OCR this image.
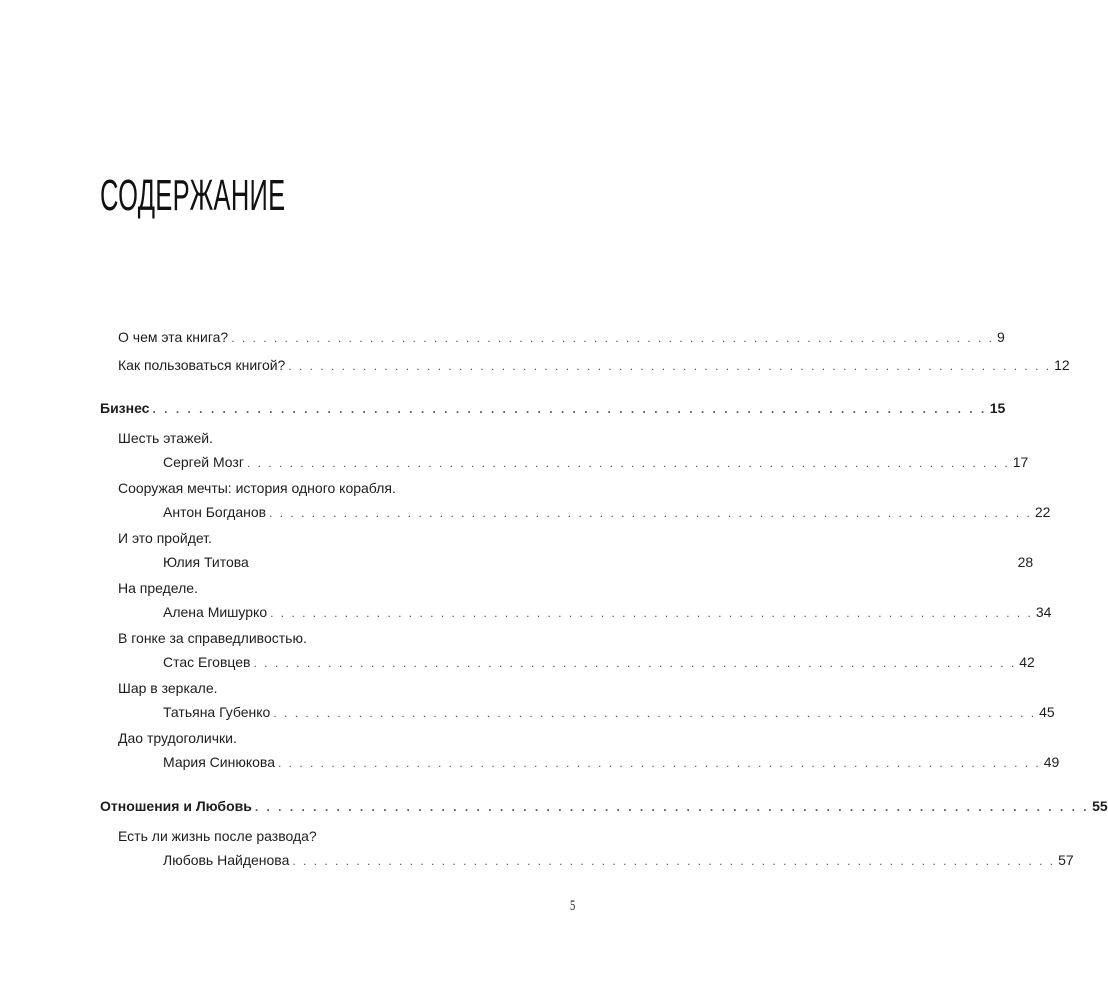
СОДЕРЖАНИЕ
О чем эта книга? . . . . . . . . . . . . . . . . . . . . . . . . . . . . . . . . . . . . . . . . . . . . . . . . . . . . . . . . . . . . . . . . . . . . . . . . 9
Как пользоваться книгой? . . . . . . . . . . . . . . . . . . . . . . . . . . . . . . . . . . . . . . . . . . . . . . . . . . . . . . . . . . . . . . . . . . . . . . . . 12
Бизнес . . . . . . . . . . . . . . . . . . . . . . . . . . . . . . . . . . . . . . . . . . . . . . . . . . . . . . . . . . . . . . . . . . . . . . . . 15
Шесть этажей.
Сергей Мозг . . . . . . . . . . . . . . . . . . . . . . . . . . . . . . . . . . . . . . . . . . . . . . . . . . . . . . . . . . . . . . . . . . . . . . . . 17
Сооружая мечты: история одного корабля.
Антон Богданов . . . . . . . . . . . . . . . . . . . . . . . . . . . . . . . . . . . . . . . . . . . . . . . . . . . . . . . . . . . . . . . . . . . . . . . . 22
И это пройдет.
Юлия Титова	28
На пределе.
Алена Мишурко . . . . . . . . . . . . . . . . . . . . . . . . . . . . . . . . . . . . . . . . . . . . . . . . . . . . . . . . . . . . . . . . . . . . . . . . 34
В гонке за справедливостью.
Стас Еговцев . . . . . . . . . . . . . . . . . . . . . . . . . . . . . . . . . . . . . . . . . . . . . . . . . . . . . . . . . . . . . . . . . . . . . . . . 42
Шар в зеркале.
Татьяна Губенко . . . . . . . . . . . . . . . . . . . . . . . . . . . . . . . . . . . . . . . . . . . . . . . . . . . . . . . . . . . . . . . . . . . . . . . . 45
Дао трудоголички.
Мария Синюкова . . . . . . . . . . . . . . . . . . . . . . . . . . . . . . . . . . . . . . . . . . . . . . . . . . . . . . . . . . . . . . . . . . . . . . . . 49
Отношения и Любовь . . . . . . . . . . . . . . . . . . . . . . . . . . . . . . . . . . . . . . . . . . . . . . . . . . . . . . . . . . . . . . . . . . . . . . . . 55
Есть ли жизнь после развода?
Любовь Найденова . . . . . . . . . . . . . . . . . . . . . . . . . . . . . . . . . . . . . . . . . . . . . . . . . . . . . . . . . . . . . . . . . . . . . . . . 57
5
